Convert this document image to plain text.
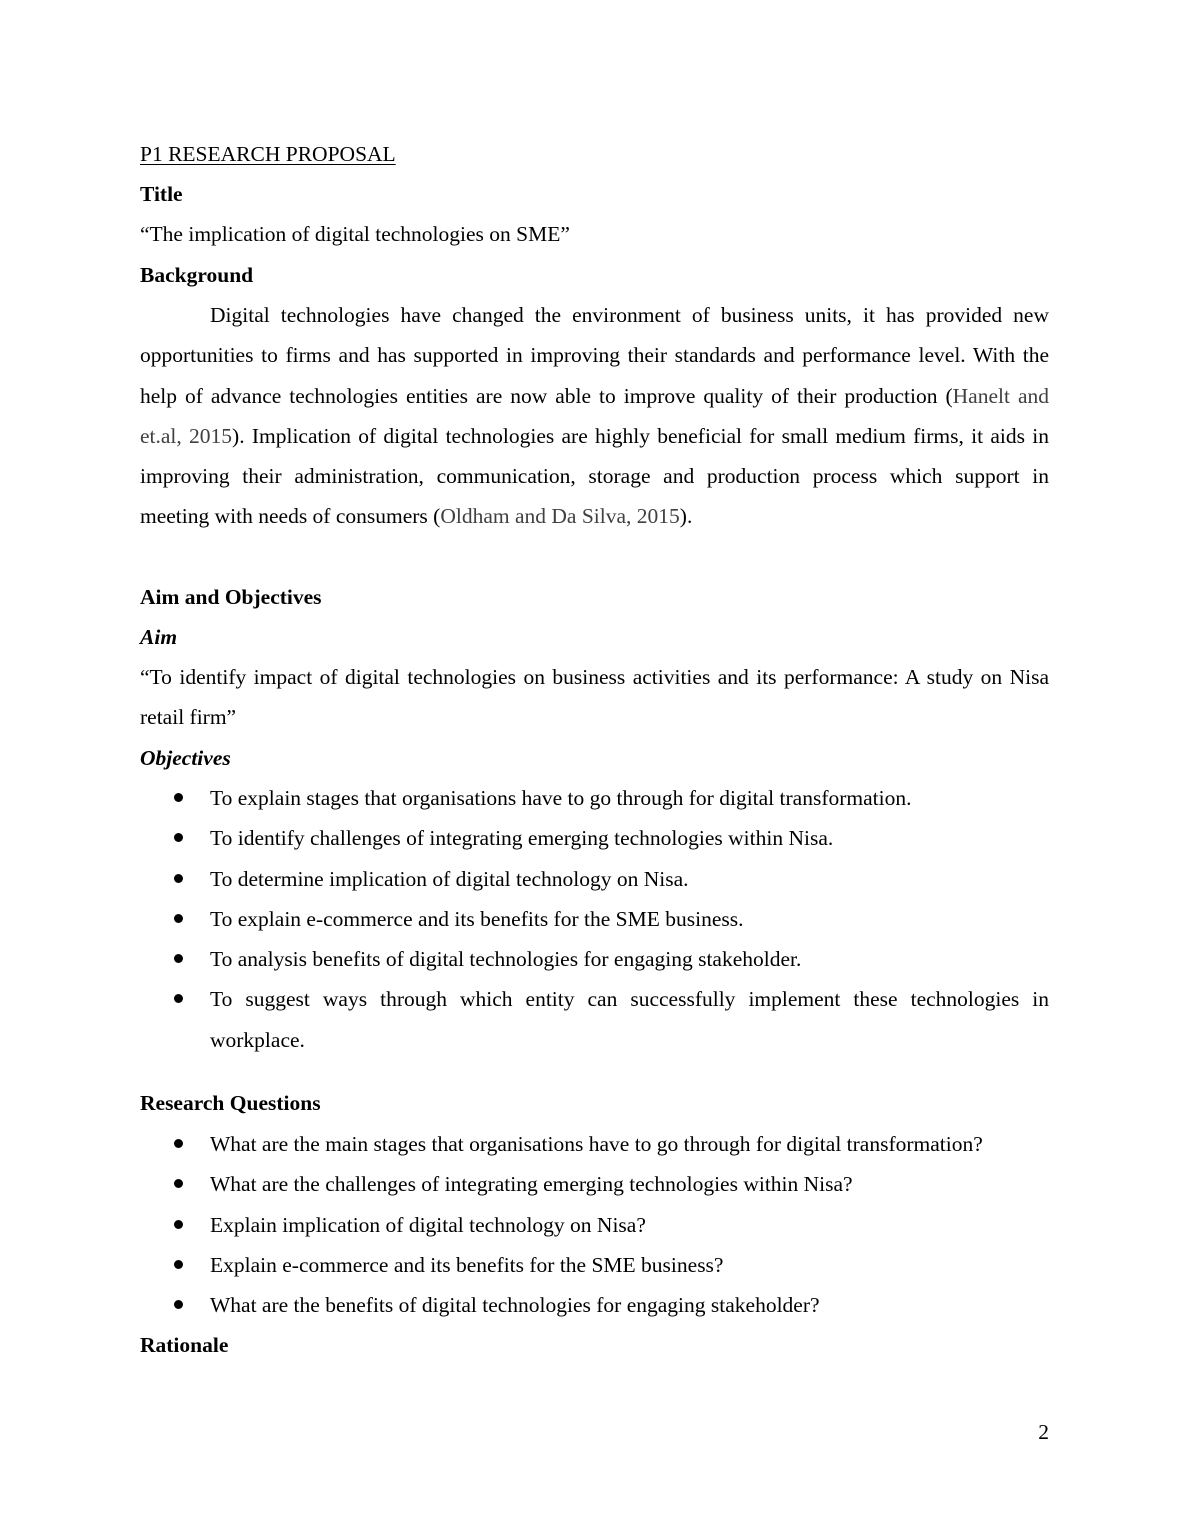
P1 RESEARCH PROPOSAL
Title
“The implication of digital technologies on SME”
Background
Digital technologies have changed the environment of business units, it has provided new opportunities to firms and has supported in improving their standards and performance level. With the help of advance technologies entities are now able to improve quality of their production (Hanelt and et.al, 2015). Implication of digital technologies are highly beneficial for small medium firms, it aids in improving their administration, communication, storage and production process which support in meeting with needs of consumers (Oldham and Da Silva, 2015).
Aim and Objectives
Aim
“To identify impact of digital technologies on business activities and its performance: A study on Nisa retail firm”
Objectives
To explain stages that organisations have to go through for digital transformation.
To identify challenges of integrating emerging technologies within Nisa.
To determine implication of digital technology on Nisa.
To explain e-commerce and its benefits for the SME business.
To analysis benefits of digital technologies for engaging stakeholder.
To suggest ways through which entity can successfully implement these technologies in workplace.
Research Questions
What are the main stages that organisations have to go through for digital transformation?
What are the challenges of integrating emerging technologies within Nisa?
Explain implication of digital technology on Nisa?
Explain e-commerce and its benefits for the SME business?
What are the benefits of digital technologies for engaging stakeholder?
Rationale
2
